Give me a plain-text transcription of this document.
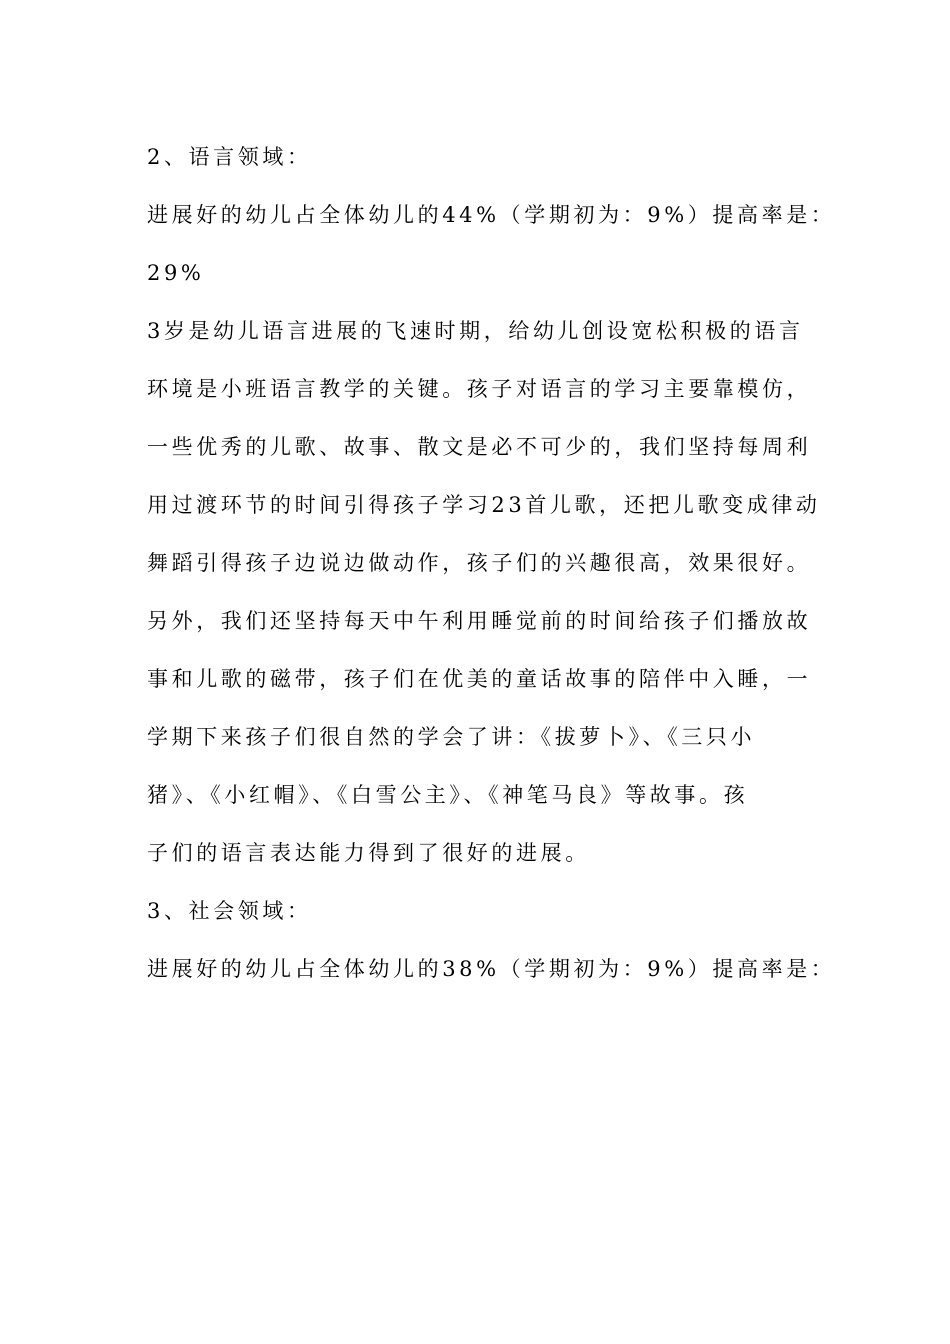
2、语言领域：
进展好的幼儿占全体幼儿的44%（学期初为：9%）提高率是：
29%
3岁是幼儿语言进展的飞速时期，给幼儿创设宽松积极的语言
环境是小班语言教学的关键。孩子对语言的学习主要靠模仿，
一些优秀的儿歌、故事、散文是必不可少的，我们坚持每周利
用过渡环节的时间引得孩子学习23首儿歌，还把儿歌变成律动
舞蹈引得孩子边说边做动作，孩子们的兴趣很高，效果很好。
另外，我们还坚持每天中午利用睡觉前的时间给孩子们播放故
事和儿歌的磁带，孩子们在优美的童话故事的陪伴中入睡，一
学期下来孩子们很自然的学会了讲：《拔萝卜》、《三只小
猪》、《小红帽》、《白雪公主》、《神笔马良》等故事。孩
子们的语言表达能力得到了很好的进展。
3、社会领域：
进展好的幼儿占全体幼儿的38%（学期初为：9%）提高率是：
